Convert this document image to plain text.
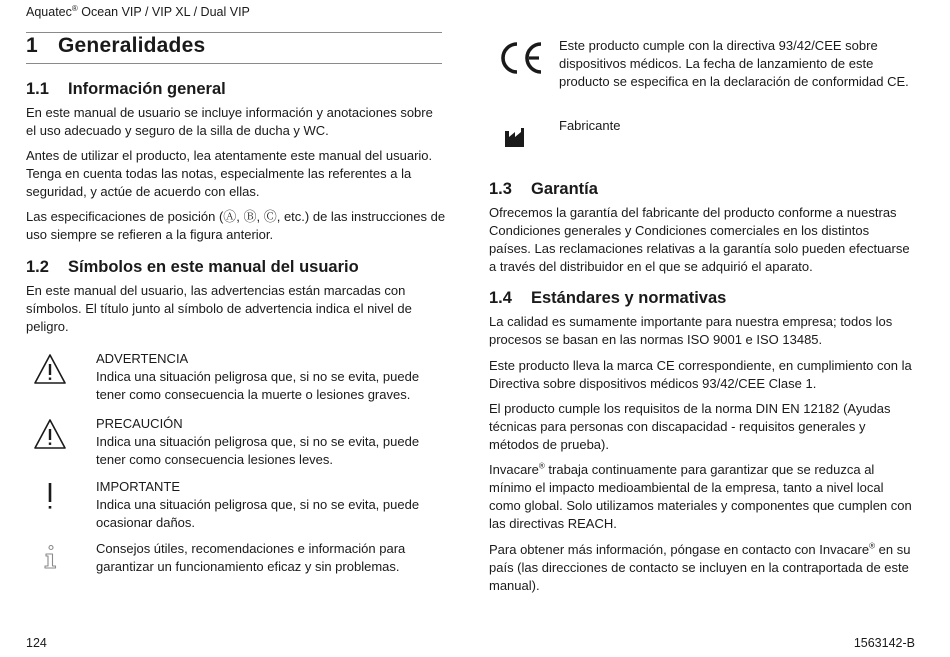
Aquatec® Ocean VIP / VIP XL / Dual VIP
1 Generalidades
1.1 Información general
En este manual de usuario se incluye información y anotaciones sobre el uso adecuado y seguro de la silla de ducha y WC.
Antes de utilizar el producto, lea atentamente este manual del usuario. Tenga en cuenta todas las notas, especialmente las referentes a la seguridad, y actúe de acuerdo con ellas.
Las especificaciones de posición (Ⓐ, Ⓑ, Ⓒ, etc.) de las instrucciones de uso siempre se refieren a la figura anterior.
1.2 Símbolos en este manual del usuario
En este manual del usuario, las advertencias están marcadas con símbolos. El título junto al símbolo de advertencia indica el nivel de peligro.
ADVERTENCIA
Indica una situación peligrosa que, si no se evita, puede tener como consecuencia la muerte o lesiones graves.
PRECAUCIÓN
Indica una situación peligrosa que, si no se evita, puede tener como consecuencia lesiones leves.
IMPORTANTE
Indica una situación peligrosa que, si no se evita, puede ocasionar daños.
Consejos útiles, recomendaciones e información para garantizar un funcionamiento eficaz y sin problemas.
Este producto cumple con la directiva 93/42/CEE sobre dispositivos médicos. La fecha de lanzamiento de este producto se especifica en la declaración de conformidad CE.
Fabricante
1.3 Garantía
Ofrecemos la garantía del fabricante del producto conforme a nuestras Condiciones generales y Condiciones comerciales en los distintos países. Las reclamaciones relativas a la garantía solo pueden efectuarse a través del distribuidor en el que se adquirió el aparato.
1.4 Estándares y normativas
La calidad es sumamente importante para nuestra empresa; todos los procesos se basan en las normas ISO 9001 e ISO 13485.
Este producto lleva la marca CE correspondiente, en cumplimiento con la Directiva sobre dispositivos médicos 93/42/CEE Clase 1.
El producto cumple los requisitos de la norma DIN EN 12182 (Ayudas técnicas para personas con discapacidad - requisitos generales y métodos de prueba).
Invacare® trabaja continuamente para garantizar que se reduzca al mínimo el impacto medioambiental de la empresa, tanto a nivel local como global. Solo utilizamos materiales y componentes que cumplen con las directivas REACH.
Para obtener más información, póngase en contacto con Invacare® en su país (las direcciones de contacto se incluyen en la contraportada de este manual).
124	1563142-B
